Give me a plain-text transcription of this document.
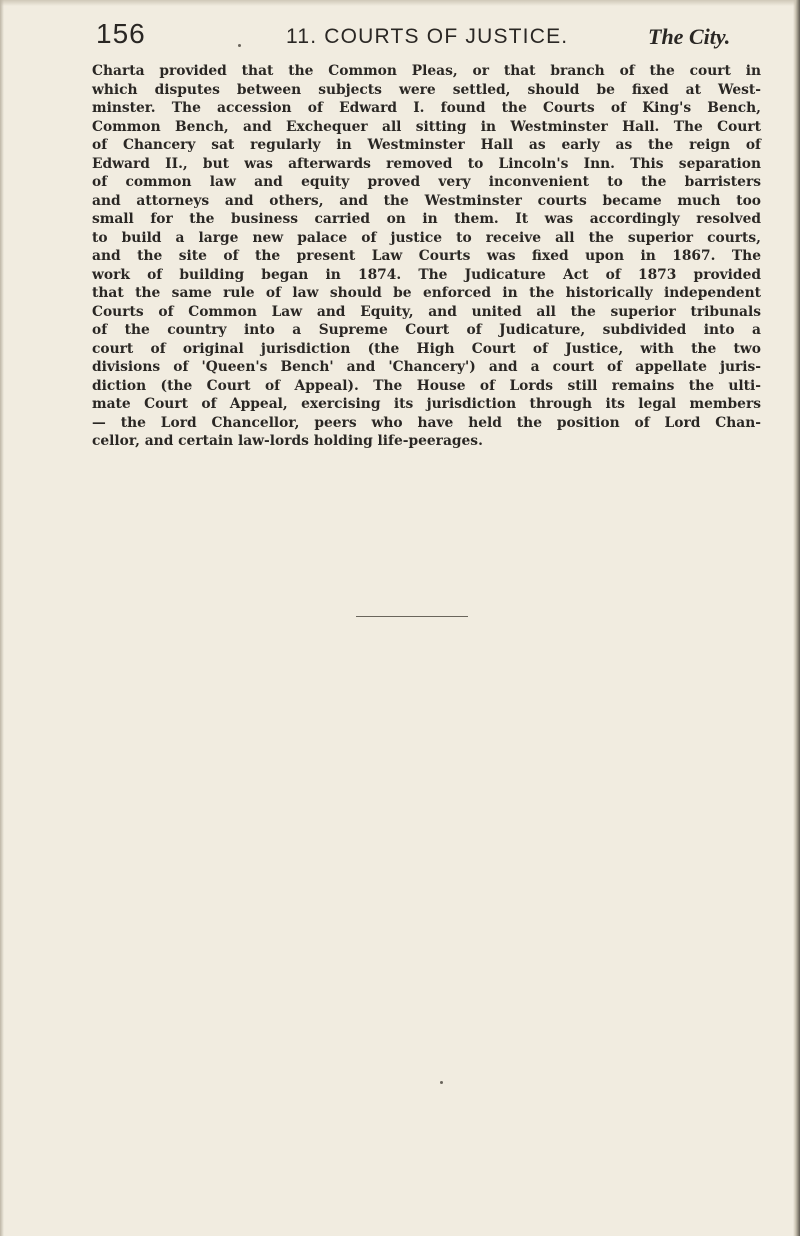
156	11. COURTS OF JUSTICE.	The City.
Charta provided that the Common Pleas, or that branch of the court in
which disputes between subjects were settled, should be fixed at West-
minster. The accession of Edward I. found the Courts of King's Bench,
Common Bench, and Exchequer all sitting in Westminster Hall. The Court
of Chancery sat regularly in Westminster Hall as early as the reign of
Edward II., but was afterwards removed to Lincoln's Inn. This separation
of common law and equity proved very inconvenient to the barristers
and attorneys and others, and the Westminster courts became much too
small for the business carried on in them. It was accordingly resolved
to build a large new palace of justice to receive all the superior courts,
and the site of the present Law Courts was fixed upon in 1867. The
work of building began in 1874. The Judicature Act of 1873 provided
that the same rule of law should be enforced in the historically independent
Courts of Common Law and Equity, and united all the superior tribunals
of the country into a Supreme Court of Judicature, subdivided into a
court of original jurisdiction (the High Court of Justice, with the two
divisions of 'Queen's Bench' and 'Chancery') and a court of appellate juris-
diction (the Court of Appeal). The House of Lords still remains the ulti-
mate Court of Appeal, exercising its jurisdiction through its legal members
— the Lord Chancellor, peers who have held the position of Lord Chan-
cellor, and certain law-lords holding life-peerages.
